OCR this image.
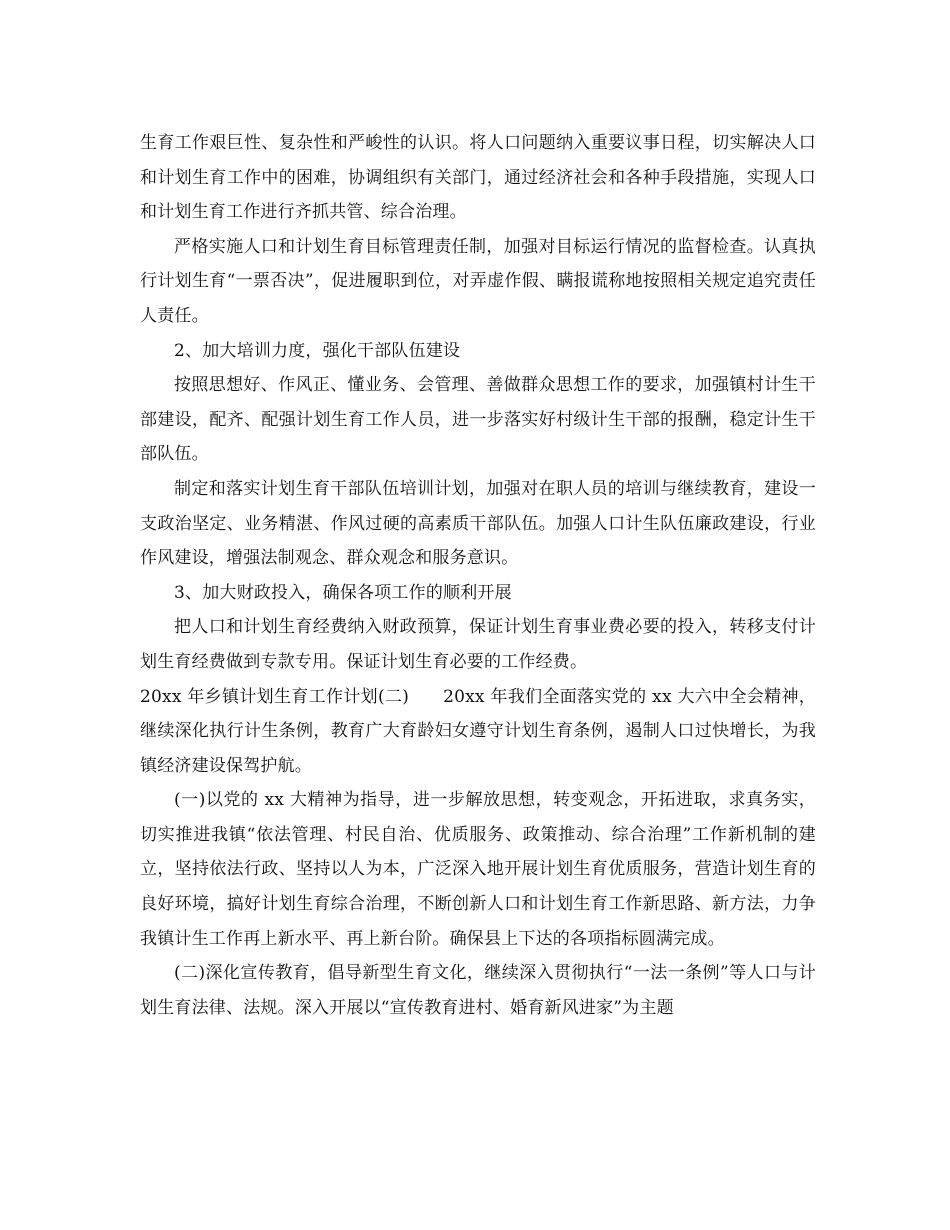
生育工作艰巨性、复杂性和严峻性的认识。将人口问题纳入重要议事日程，切实解决人口和计划生育工作中的困难，协调组织有关部门，通过经济社会和各种手段措施，实现人口和计划生育工作进行齐抓共管、综合治理。

严格实施人口和计划生育目标管理责任制，加强对目标运行情况的监督检查。认真执行计划生育“一票否决”，促进履职到位，对弄虚作假、瞒报谎称地按照相关规定追究责任人责任。

2、加大培训力度，强化干部队伍建设

按照思想好、作风正、懂业务、会管理、善做群众思想工作的要求，加强镇村计生干部建设，配齐、配强计划生育工作人员，进一步落实好村级计生干部的报酬，稳定计生干部队伍。

制定和落实计划生育干部队伍培训计划，加强对在职人员的培训与继续教育，建设一支政治坚定、业务精湛、作风过硬的高素质干部队伍。加强人口计生队伍廉政建设，行业作风建设，增强法制观念、群众观念和服务意识。

3、加大财政投入，确保各项工作的顺利开展

把人口和计划生育经费纳入财政预算，保证计划生育事业费必要的投入，转移支付计划生育经费做到专款专用。保证计划生育必要的工作经费。

20xx 年乡镇计划生育工作计划(二) 20xx 年我们全面落实党的 xx 大六中全会精神，继续深化执行计生条例，教育广大育龄妇女遵守计划生育条例，遏制人口过快增长，为我镇经济建设保驾护航。

(一)以党的 xx 大精神为指导，进一步解放思想，转变观念，开拓进取，求真务实，切实推进我镇“依法管理、村民自治、优质服务、政策推动、综合治理”工作新机制的建立，坚持依法行政、坚持以人为本，广泛深入地开展计划生育优质服务，营造计划生育的良好环境，搞好计划生育综合治理，不断创新人口和计划生育工作新思路、新方法，力争我镇计生工作再上新水平、再上新台阶。确保县上下达的各项指标圆满完成。

(二)深化宣传教育，倡导新型生育文化，继续深入贯彻执行“一法一条例”等人口与计划生育法律、法规。深入开展以“宣传教育进村、婚育新风进家”为主题
